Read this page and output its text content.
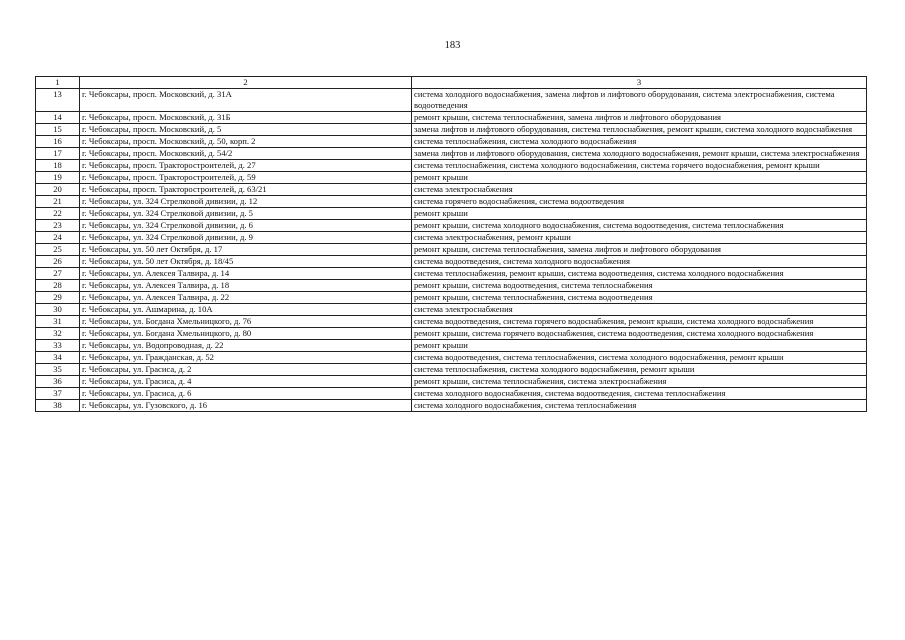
183
1	2	3
13	г. Чебоксары, просп. Московский, д. 31А	система холодного водоснабжения, замена лифтов и лифтового оборудования, система электроснабжения, система водоотведения
14	г. Чебоксары, просп. Московский, д. 31Б	ремонт крыши, система теплоснабжения, замена лифтов и лифтового оборудования
15	г. Чебоксары, просп. Московский, д. 5	замена лифтов и лифтового оборудования, система теплоснабжения, ремонт крыши, система холодного водоснабжения
16	г. Чебоксары, просп. Московский, д. 50, корп. 2	система теплоснабжения, система холодного водоснабжения
17	г. Чебоксары, просп. Московский, д. 54/2	замена лифтов и лифтового оборудования, система холодного водоснабжения, ремонт крыши, система электроснабжения
18	г. Чебоксары, просп. Тракторостроителей, д. 27	система теплоснабжения, система холодного водоснабжения, система горячего водоснабжения, ремонт крыши
19	г. Чебоксары, просп. Тракторостроителей, д. 59	ремонт крыши
20	г. Чебоксары, просп. Тракторостроителей, д. 63/21	система электроснабжения
21	г. Чебоксары, ул. 324 Стрелковой дивизии, д. 12	система горячего водоснабжения, система водоотведения
22	г. Чебоксары, ул. 324 Стрелковой дивизии, д. 5	ремонт крыши
23	г. Чебоксары, ул. 324 Стрелковой дивизии, д. 6	ремонт крыши, система холодного водоснабжения, система водоотведения, система теплоснабжения
24	г. Чебоксары, ул. 324 Стрелковой дивизии, д. 9	система электроснабжения, ремонт крыши
25	г. Чебоксары, ул. 50 лет Октября, д. 17	ремонт крыши, система теплоснабжения, замена лифтов и лифтового оборудования
26	г. Чебоксары, ул. 50 лет Октября, д. 18/45	система водоотведения, система холодного водоснабжения
27	г. Чебоксары, ул. Алексея Талвира, д. 14	система теплоснабжения, ремонт крыши, система водоотведения, система холодного водоснабжения
28	г. Чебоксары, ул. Алексея Талвира, д. 18	ремонт крыши, система водоотведения, система теплоснабжения
29	г. Чебоксары, ул. Алексея Талвира, д. 22	ремонт крыши, система теплоснабжения, система водоотведения
30	г. Чебоксары, ул. Ашмарина, д. 10А	система электроснабжения
31	г. Чебоксары, ул. Богдана Хмельницкого, д. 76	система водоотведения, система горячего водоснабжения, ремонт крыши, система холодного водоснабжения
32	г. Чебоксары, ул. Богдана Хмельницкого, д. 80	ремонт крыши, система горячего водоснабжения, система водоотведения, система холодного водоснабжения
33	г. Чебоксары, ул. Водопроводная, д. 22	ремонт крыши
34	г. Чебоксары, ул. Гражданская, д. 52	система водоотведения, система теплоснабжения, система холодного водоснабжения, ремонт крыши
35	г. Чебоксары, ул. Грасиса, д. 2	система теплоснабжения, система холодного водоснабжения, ремонт крыши
36	г. Чебоксары, ул. Грасиса, д. 4	ремонт крыши, система теплоснабжения, система электроснабжения
37	г. Чебоксары, ул. Грасиса, д. 6	система холодного водоснабжения, система водоотведения, система теплоснабжения
38	г. Чебоксары, ул. Гузовского, д. 16	система холодного водоснабжения, система теплоснабжения
